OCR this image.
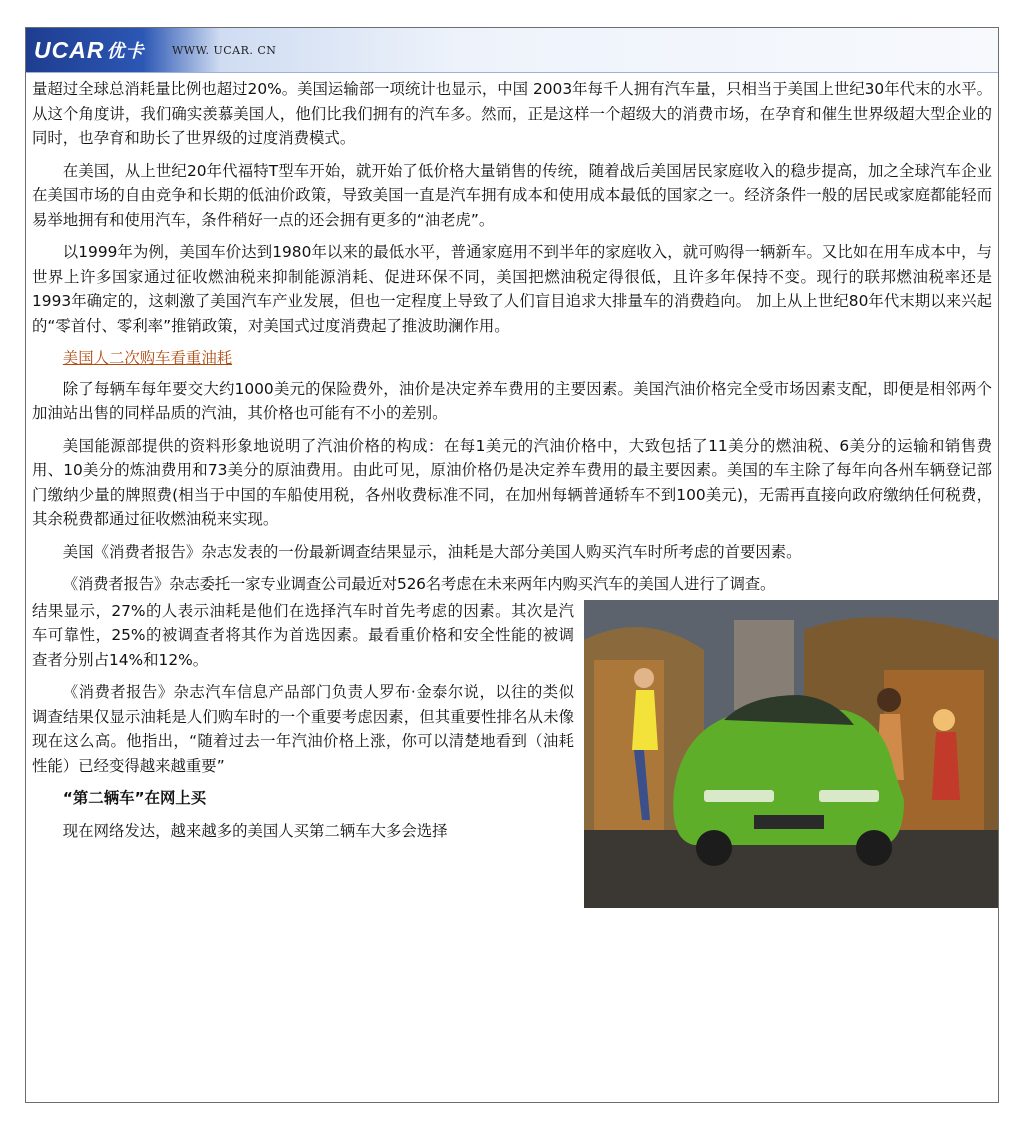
UCAR 优卡	WWW. UCAR. CN

量超过全球总消耗量比例也超过20%。美国运输部一项统计也显示，中国 2003年每千人拥有汽车量，只相当于美国上世纪30年代末的水平。从这个角度讲，我们确实羡慕美国人，他们比我们拥有的汽车多。然而，正是这样一个超级大的消费市场，在孕育和催生世界级超大型企业的同时，也孕育和助长了世界级的过度消费模式。

在美国，从上世纪20年代福特T型车开始，就开始了低价格大量销售的传统，随着战后美国居民家庭收入的稳步提高，加之全球汽车企业在美国市场的自由竞争和长期的低油价政策，导致美国一直是汽车拥有成本和使用成本最低的国家之一。经济条件一般的居民或家庭都能轻而易举地拥有和使用汽车，条件稍好一点的还会拥有更多的“油老虎”。

以1999年为例，美国车价达到1980年以来的最低水平，普通家庭用不到半年的家庭收入，就可购得一辆新车。又比如在用车成本中，与世界上许多国家通过征收燃油税来抑制能源消耗、促进环保不同，美国把燃油税定得很低，且许多年保持不变。现行的联邦燃油税率还是1993年确定的，这刺激了美国汽车产业发展，但也一定程度上导致了人们盲目追求大排量车的消费趋向。 加上从上世纪80年代末期以来兴起的“零首付、零利率”推销政策，对美国式过度消费起了推波助澜作用。

美国人二次购车看重油耗

除了每辆车每年要交大约1000美元的保险费外，油价是决定养车费用的主要因素。美国汽油价格完全受市场因素支配，即便是相邻两个加油站出售的同样品质的汽油，其价格也可能有不小的差别。

美国能源部提供的资料形象地说明了汽油价格的构成：在每1美元的汽油价格中，大致包括了11美分的燃油税、6美分的运输和销售费用、10美分的炼油费用和73美分的原油费用。由此可见，原油价格仍是决定养车费用的最主要因素。美国的车主除了每年向各州车辆登记部门缴纳少量的牌照费(相当于中国的车船使用税，各州收费标准不同，在加州每辆普通轿车不到100美元)，无需再直接向政府缴纳任何税费，其余税费都通过征收燃油税来实现。

美国《消费者报告》杂志发表的一份最新调查结果显示，油耗是大部分美国人购买汽车时所考虑的首要因素。

《消费者报告》杂志委托一家专业调查公司最近对526名考虑在未来两年内购买汽车的美国人进行了调查。

结果显示，27%的人表示油耗是他们在选择汽车时首先考虑的因素。其次是汽车可靠性，25%的被调查者将其作为首选因素。最看重价格和安全性能的被调查者分别占14%和12%。

《消费者报告》杂志汽车信息产品部门负责人罗布·金泰尔说，以往的类似调查结果仅显示油耗是人们购车时的一个重要考虑因素，但其重要性排名从未像现在这么高。他指出，“随着过去一年汽油价格上涨，你可以清楚地看到（油耗性能）已经变得越来越重要”

“第二辆车”在网上买

现在网络发达，越来越多的美国人买第二辆车大多会选择
